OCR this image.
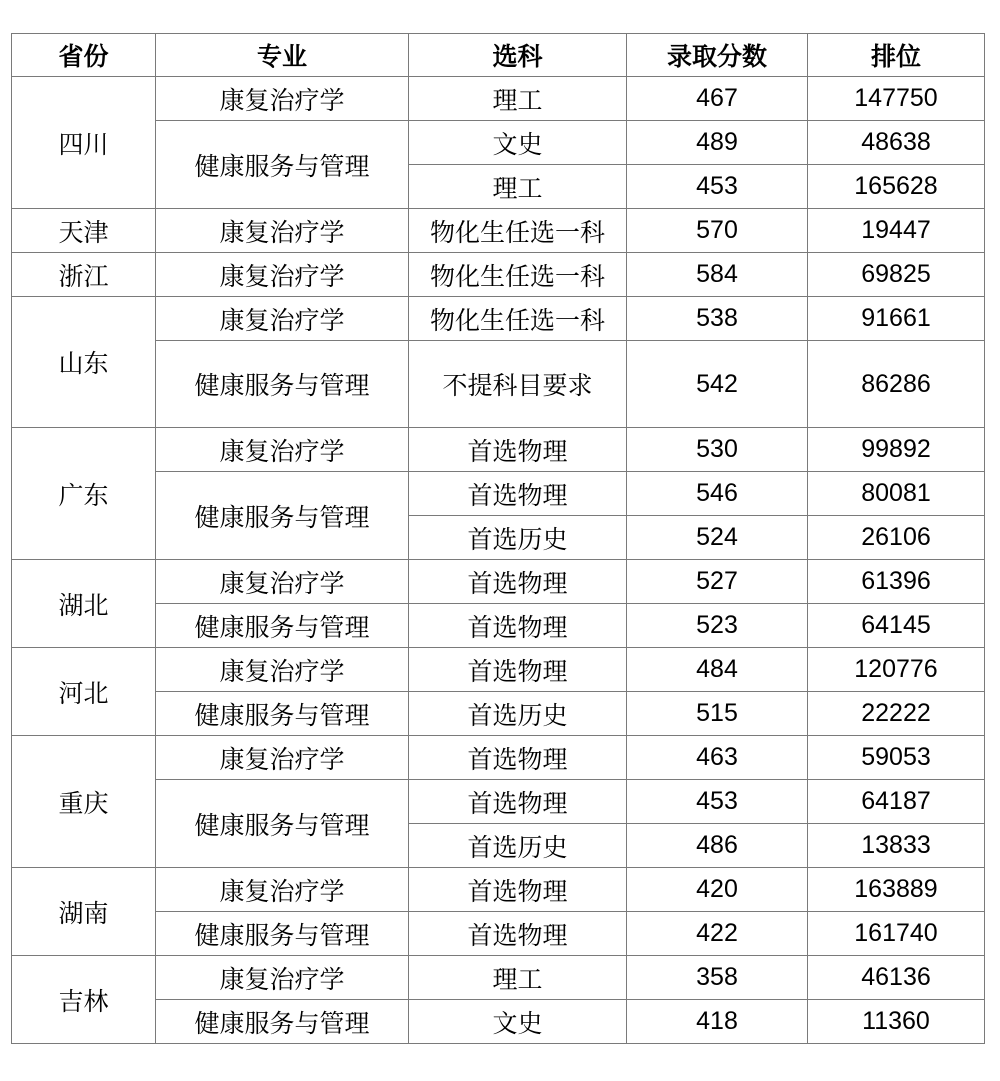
省份	专业	选科	录取分数	排位
四川	康复治疗学	理工	467	147750
	健康服务与管理	文史	489	48638
		理工	453	165628
天津	康复治疗学	物化生任选一科	570	19447
浙江	康复治疗学	物化生任选一科	584	69825
山东	康复治疗学	物化生任选一科	538	91661
	健康服务与管理	不提科目要求	542	86286
广东	康复治疗学	首选物理	530	99892
	健康服务与管理	首选物理	546	80081
		首选历史	524	26106
湖北	康复治疗学	首选物理	527	61396
	健康服务与管理	首选物理	523	64145
河北	康复治疗学	首选物理	484	120776
	健康服务与管理	首选历史	515	22222
重庆	康复治疗学	首选物理	463	59053
	健康服务与管理	首选物理	453	64187
		首选历史	486	13833
湖南	康复治疗学	首选物理	420	163889
	健康服务与管理	首选物理	422	161740
吉林	康复治疗学	理工	358	46136
	健康服务与管理	文史	418	11360
